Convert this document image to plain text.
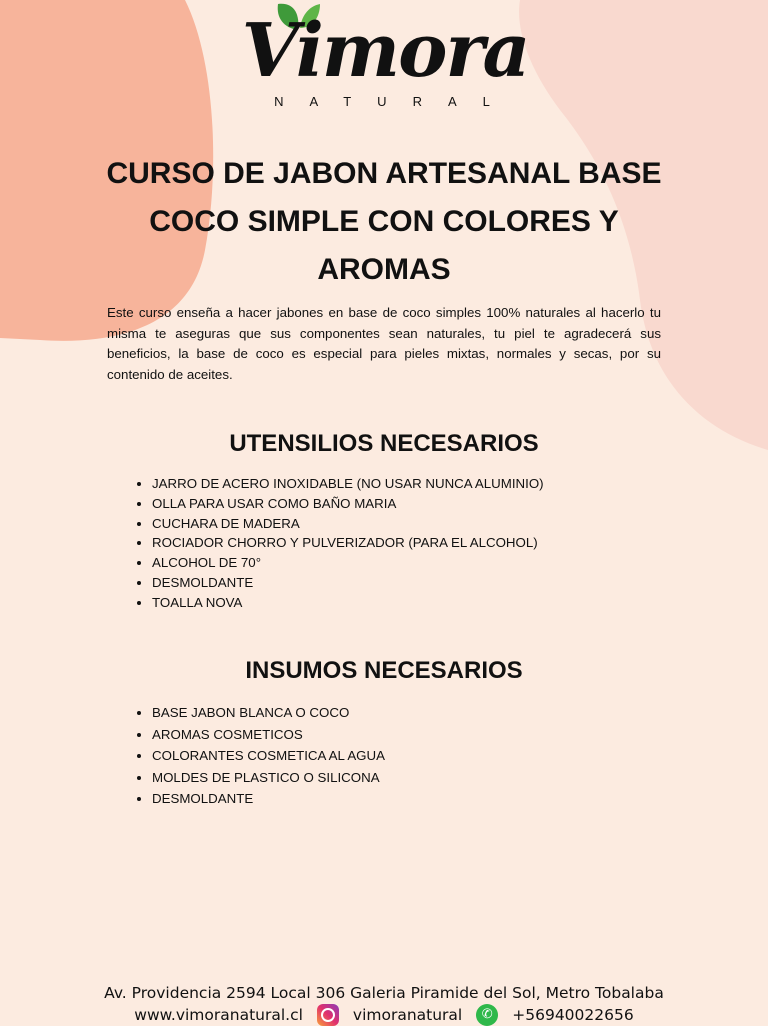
Vimora
NATURAL
CURSO DE JABON ARTESANAL BASE COCO SIMPLE CON COLORES Y AROMAS
Este curso enseña a hacer jabones en base de coco simples 100% naturales al hacerlo tu misma te aseguras que sus componentes sean naturales, tu piel te agradecerá sus beneficios, la base de coco es especial para pieles mixtas, normales y secas, por su contenido de aceites.
UTENSILIOS NECESARIOS
• JARRO DE ACERO INOXIDABLE (NO USAR NUNCA ALUMINIO)
• OLLA PARA USAR COMO BAÑO MARIA
• CUCHARA DE MADERA
• ROCIADOR CHORRO Y PULVERIZADOR (PARA EL ALCOHOL)
• ALCOHOL DE 70°
• DESMOLDANTE
• TOALLA NOVA
INSUMOS NECESARIOS
• BASE JABON BLANCA O COCO
• AROMAS COSMETICOS
• COLORANTES COSMETICA AL AGUA
• MOLDES DE PLASTICO O SILICONA
• DESMOLDANTE
Av. Providencia 2594 Local 306 Galeria Piramide del Sol, Metro Tobalaba
www.vimoranatural.cl	vimoranatural	✆	+56940022656
